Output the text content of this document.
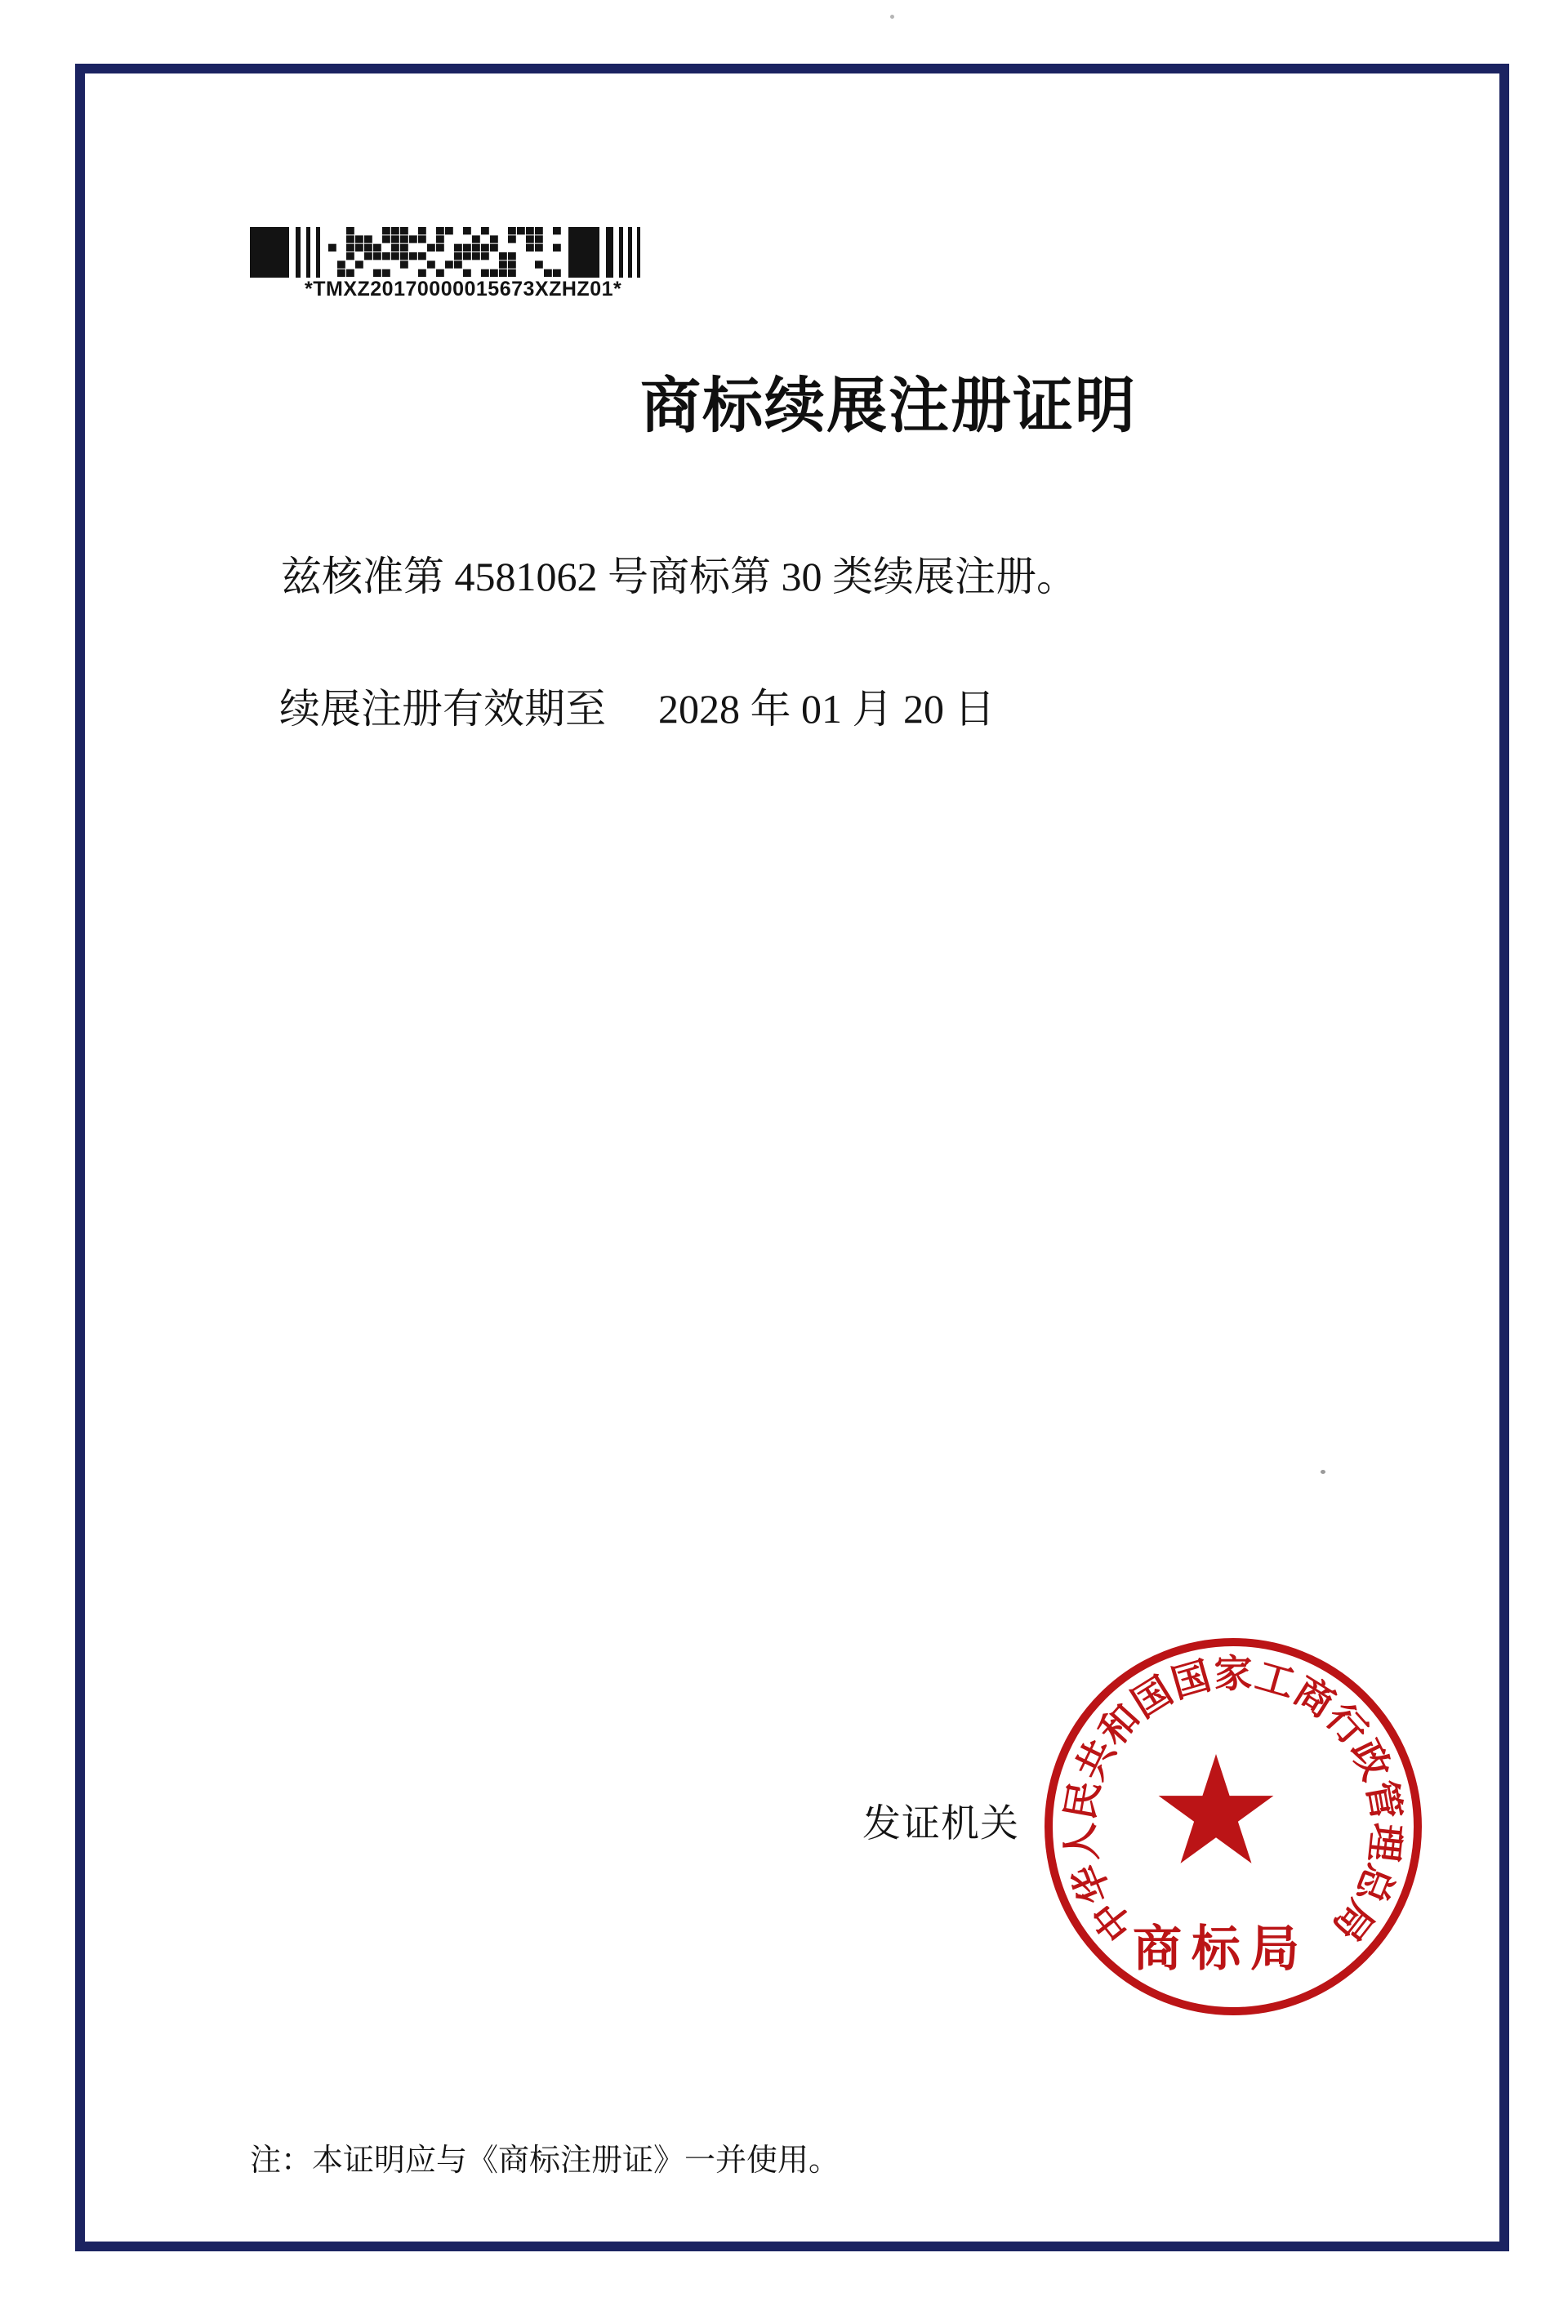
*TMXZ20170000015673XZHZ01*
商标续展注册证明

兹核准第 4581062 号商标第 30 类续展注册。

续展注册有效期至 2028 年 01 月 20 日

发证机关
中
华
人
民
共
和
国
国
家
工
商
行
政
管
理
总
局
商标局

注：本证明应与《商标注册证》一并使用。
